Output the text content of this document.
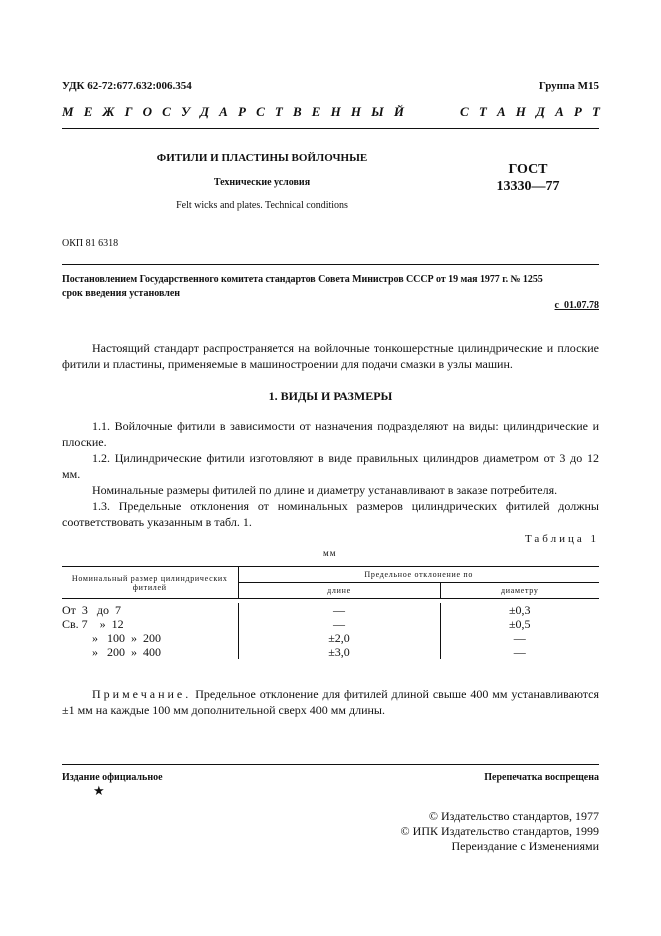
УДК 62-72:677.632:006.354	Группа М15
М Е Ж Г О С У Д А Р С Т В Е Н Н Ы Й	С Т А Н Д А Р Т
ФИТИЛИ И ПЛАСТИНЫ ВОЙЛОЧНЫЕ
Технические условия
Felt wicks and plates. Technical conditions
ГОСТ
13330—77
ОКП 81 6318
Постановлением Государственного комитета стандартов Совета Министров СССР от 19 мая 1977 г. № 1255
срок введения установлен
с  01.07.78
Настоящий стандарт распространяется на войлочные тонкошерстные цилиндрические и плоские фитили и пластины, применяемые в машиностроении для подачи смазки в узлы машин.
1. ВИДЫ И РАЗМЕРЫ
1.1. Войлочные фитили в зависимости от назначения подразделяют на виды: цилиндрические и плоские.
1.2. Цилиндрические фитили изготовляют в виде правильных цилиндров диаметром от 3 до 12 мм.
Номинальные размеры фитилей по длине и диаметру устанавливают в заказе потребителя.
1.3. Предельные отклонения от номинальных размеров цилиндрических фитилей должны соответствовать указанным в табл. 1.
Таблица 1
мм
Номинальный размер цилиндрических фитилей	Предельное отклонение по	
	длине	диаметру

От  3   до  7	—	±0,3
Св. 7    »  12	—	±0,5
»   100  »  200	±2,0	—
»   200  »  400	±3,0	—
Примечание. Предельное отклонение для фитилей длиной свыше 400 мм устанавливаются ±1 мм на каждые 100 мм дополнительной сверх 400 мм длины.
Издание официальное	Перепечатка воспрещена
★
© Издательство стандартов, 1977
© ИПК Издательство стандартов, 1999
Переиздание с Изменениями
